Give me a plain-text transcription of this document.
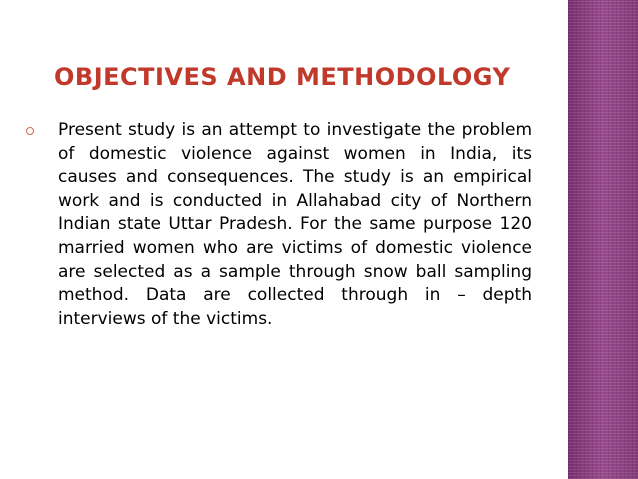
OBJECTIVES AND METHODOLOGY

Present study is an attempt to investigate the problem of domestic violence against women in India, its causes and consequences. The study is an empirical work and is conducted in Allahabad city of Northern Indian state Uttar Pradesh. For the same purpose 120 married women who are victims of domestic violence are selected as a sample through snow ball sampling method. Data are collected through in – depth interviews of the victims.
